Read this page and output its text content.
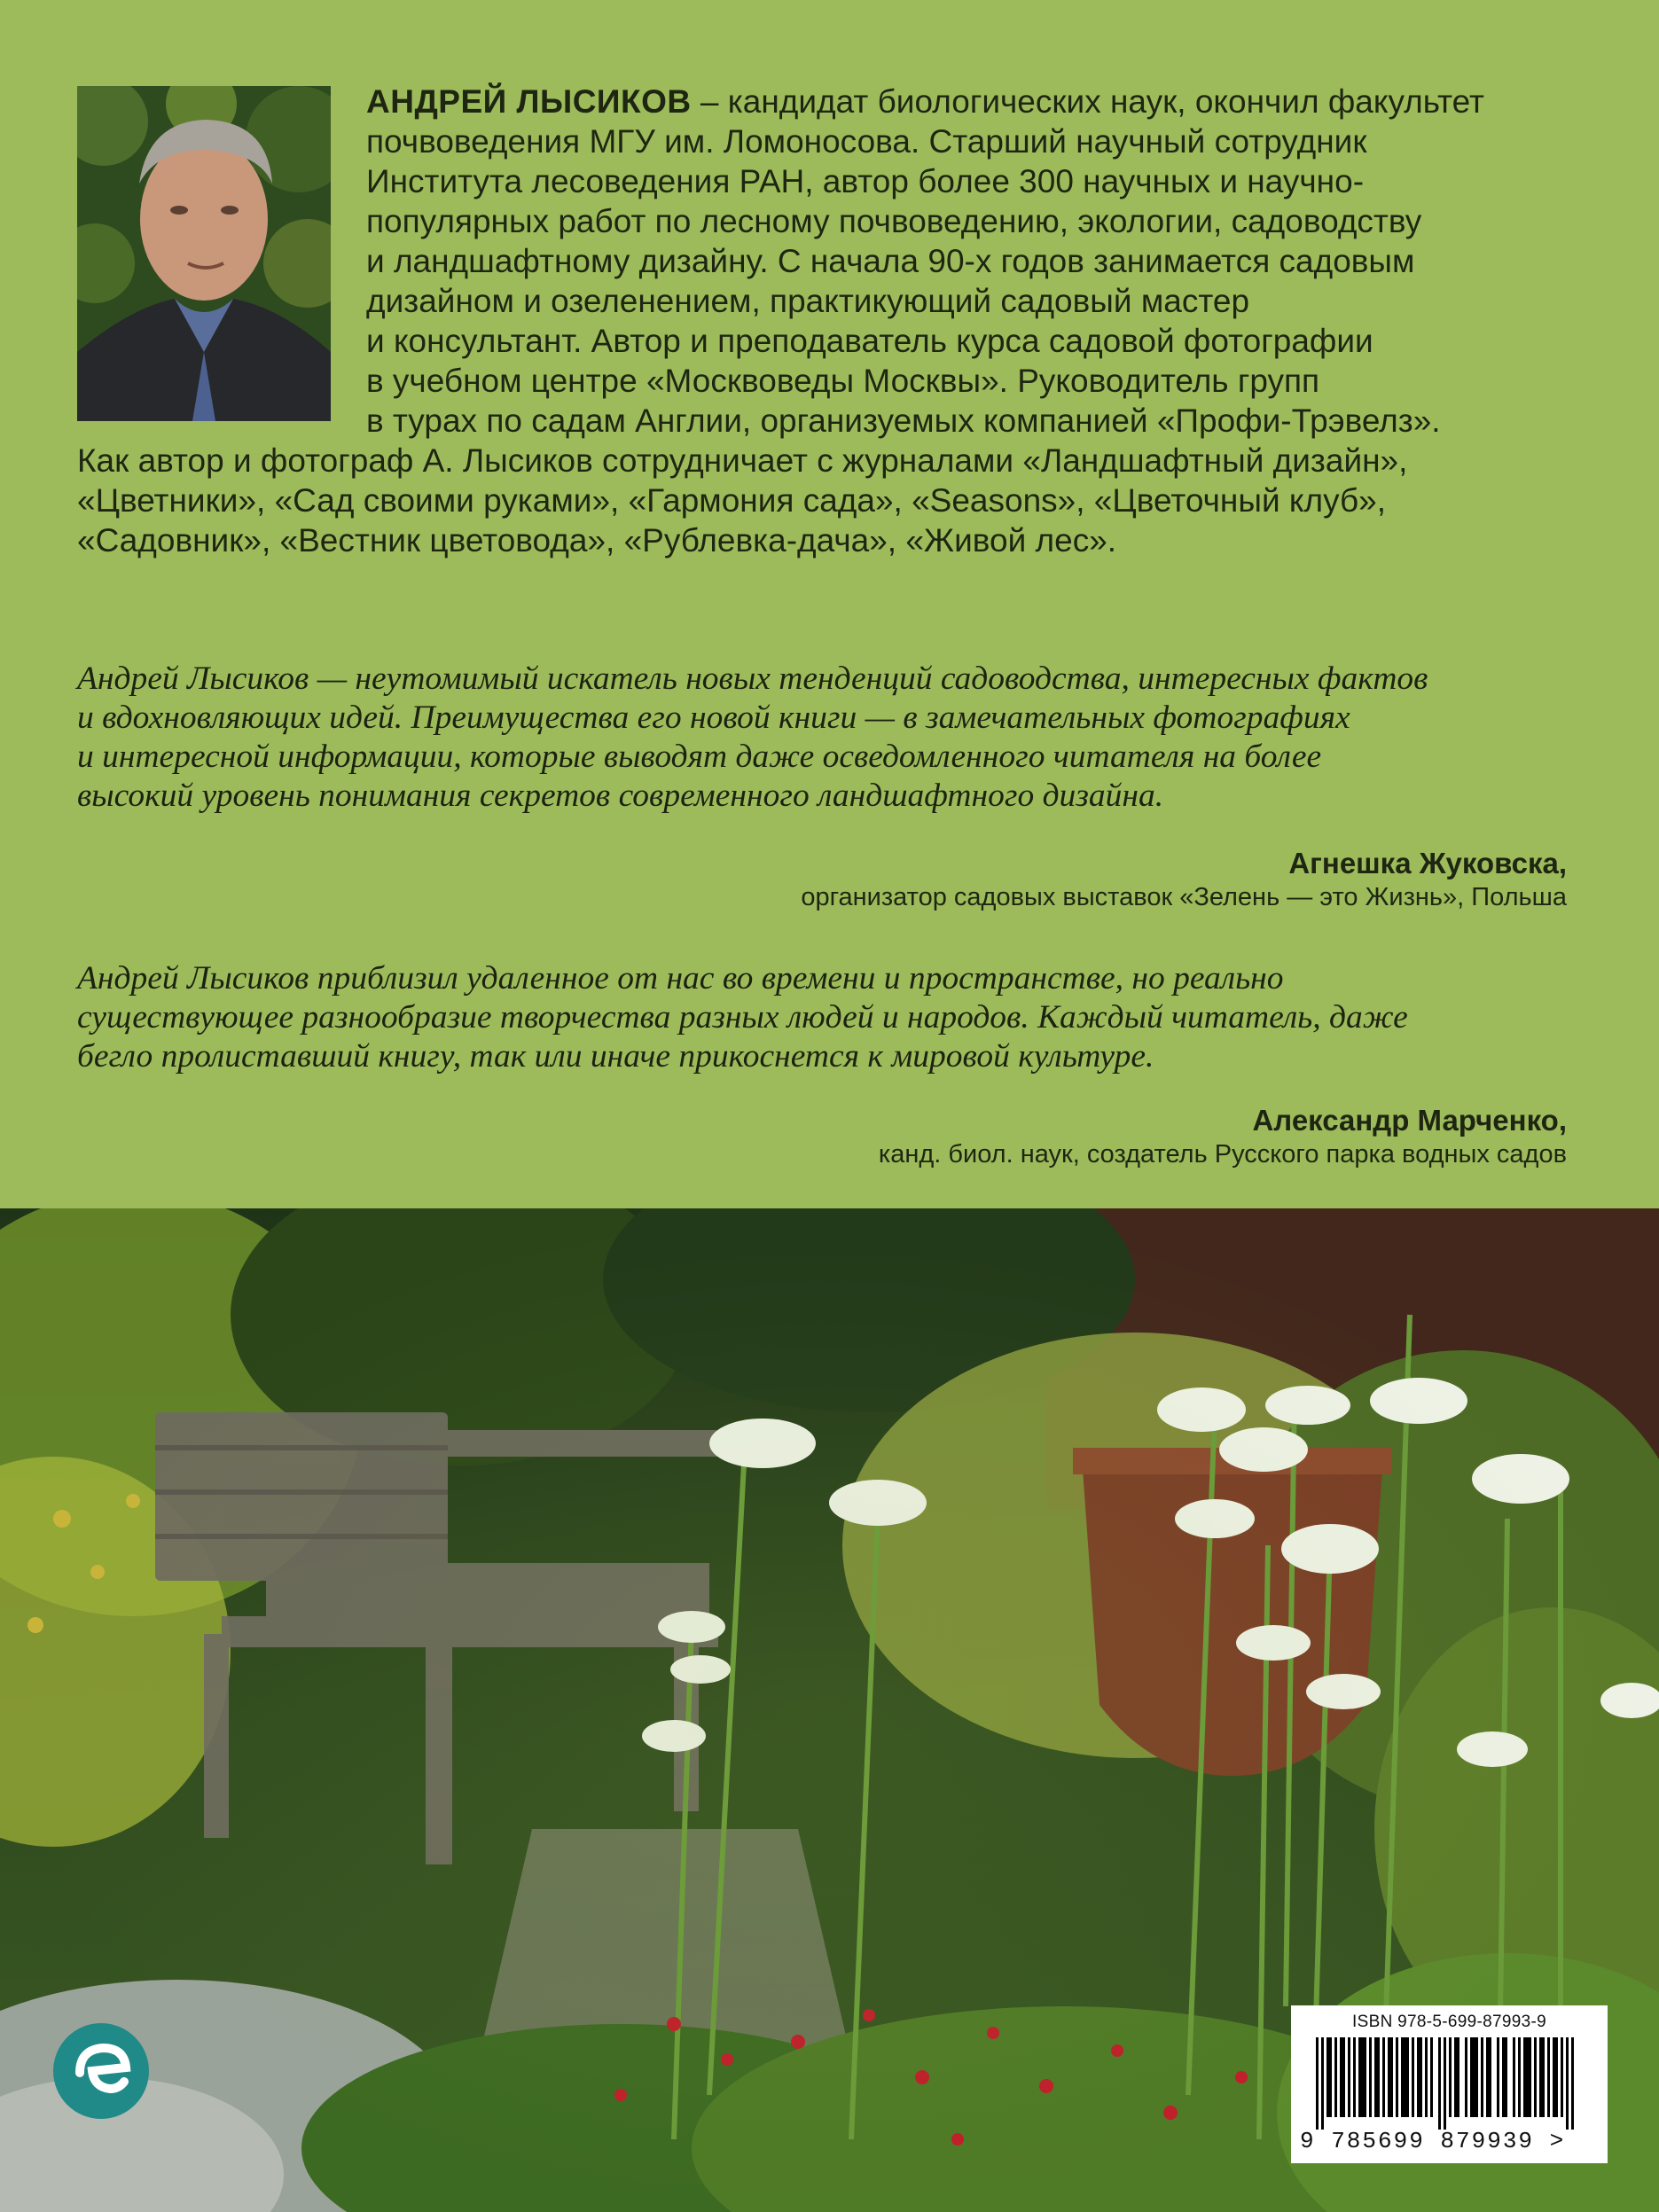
АНДРЕЙ ЛЫСИКОВ – кандидат биологических наук, окончил факультет
почвоведения МГУ им. Ломоносова. Старший научный сотрудник
Института лесоведения РАН, автор более 300 научных и научно-
популярных работ по лесному почвоведению, экологии, садоводству
и ландшафтному дизайну. С начала 90-х годов занимается садовым
дизайном и озеленением, практикующий садовый мастер
и консультант. Автор и преподаватель курса садовой фотографии
в учебном центре «Москвоведы Москвы». Руководитель групп
в турах по садам Англии, организуемых компанией «Профи-Трэвелз».
Как автор и фотограф А. Лысиков сотрудничает с журналами «Ландшафтный дизайн»,
«Цветники», «Сад своими руками», «Гармония сада», «Seasons», «Цветочный клуб»,
«Садовник», «Вестник цветовода», «Рублевка-дача», «Живой лес».
Андрей Лысиков — неутомимый искатель новых тенденций садоводства, интересных фактов
и вдохновляющих идей. Преимущества его новой книги — в замечательных фотографиях
и интересной информации, которые выводят даже осведомленного читателя на более
высокий уровень понимания секретов современного ландшафтного дизайна.
Агнешка Жуковска,
организатор садовых выставок «Зелень — это Жизнь», Польша
Андрей Лысиков приблизил удаленное от нас во времени и пространстве, но реально
существующее разнообразие творчества разных людей и народов. Каждый читатель, даже
бегло пролиставший книгу, так или иначе прикоснется к мировой культуре.
Александр Марченко,
канд. биол. наук, создатель Русского парка водных садов
ISBN 978-5-699-87993-9
9 785699 879939 >
